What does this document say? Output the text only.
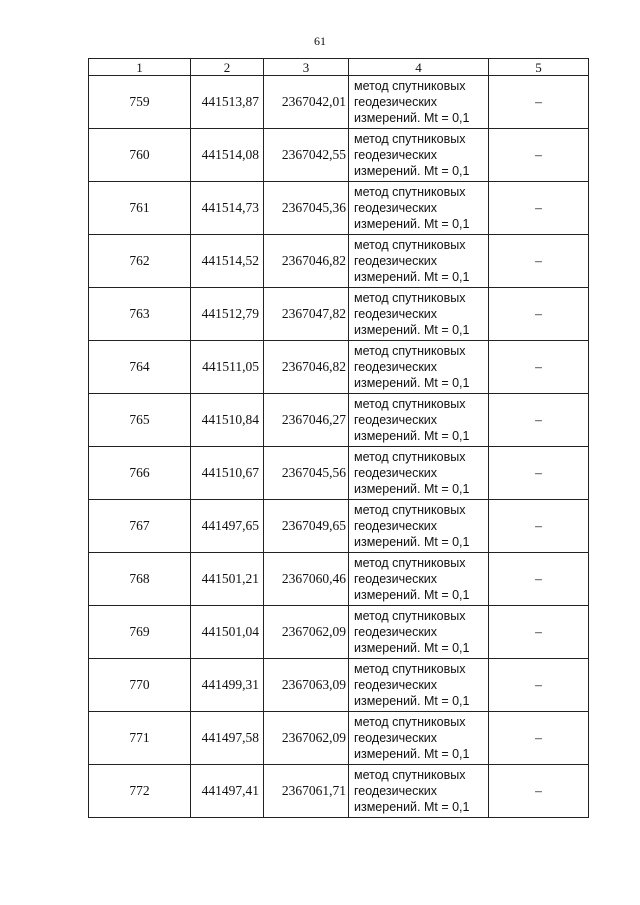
61
1	2	3	4	5
759	441513,87	2367042,01	метод спутниковых
геодезических
измерений. Mt = 0,1	–
760	441514,08	2367042,55	метод спутниковых
геодезических
измерений. Mt = 0,1	–
761	441514,73	2367045,36	метод спутниковых
геодезических
измерений. Mt = 0,1	–
762	441514,52	2367046,82	метод спутниковых
геодезических
измерений. Mt = 0,1	–
763	441512,79	2367047,82	метод спутниковых
геодезических
измерений. Mt = 0,1	–
764	441511,05	2367046,82	метод спутниковых
геодезических
измерений. Mt = 0,1	–
765	441510,84	2367046,27	метод спутниковых
геодезических
измерений. Mt = 0,1	–
766	441510,67	2367045,56	метод спутниковых
геодезических
измерений. Mt = 0,1	–
767	441497,65	2367049,65	метод спутниковых
геодезических
измерений. Mt = 0,1	–
768	441501,21	2367060,46	метод спутниковых
геодезических
измерений. Mt = 0,1	–
769	441501,04	2367062,09	метод спутниковых
геодезических
измерений. Mt = 0,1	–
770	441499,31	2367063,09	метод спутниковых
геодезических
измерений. Mt = 0,1	–
771	441497,58	2367062,09	метод спутниковых
геодезических
измерений. Mt = 0,1	–
772	441497,41	2367061,71	метод спутниковых
геодезических
измерений. Mt = 0,1	–
